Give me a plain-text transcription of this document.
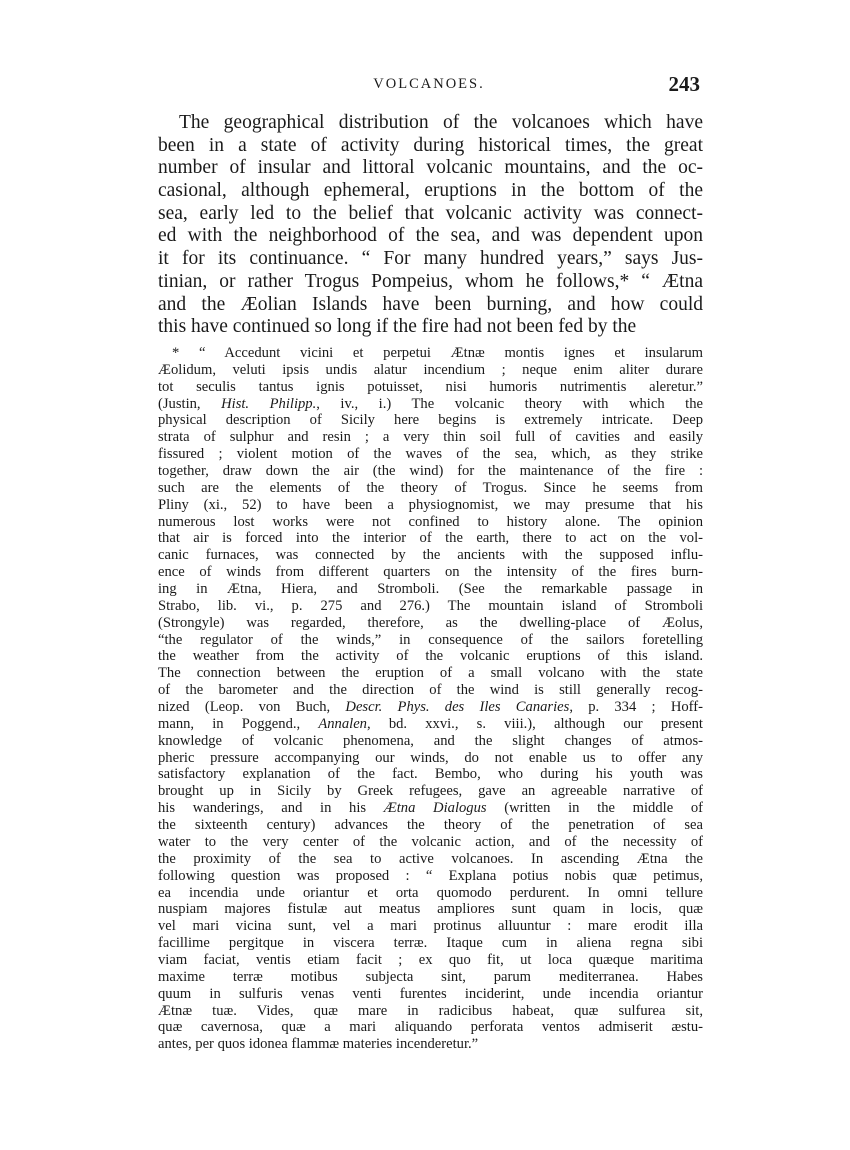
VOLCANOES.	243
The geographical distribution of the volcanoes which have
been in a state of activity during historical times, the great
number of insular and littoral volcanic mountains, and the oc-
casional, although ephemeral, eruptions in the bottom of the
sea, early led to the belief that volcanic activity was connect-
ed with the neighborhood of the sea, and was dependent upon
it for its continuance. “ For many hundred years,” says Jus-
tinian, or rather Trogus Pompeius, whom he follows,* “ Ætna
and the Æolian Islands have been burning, and how could
this have continued so long if the fire had not been fed by the
* “ Accedunt vicini et perpetui Ætnæ montis ignes et insularum
Æolidum, veluti ipsis undis alatur incendium ; neque enim aliter durare
tot seculis tantus ignis potuisset, nisi humoris nutrimentis aleretur.”
(Justin, Hist. Philipp., iv., i.) The volcanic theory with which the
physical description of Sicily here begins is extremely intricate. Deep
strata of sulphur and resin ; a very thin soil full of cavities and easily
fissured ; violent motion of the waves of the sea, which, as they strike
together, draw down the air (the wind) for the maintenance of the fire :
such are the elements of the theory of Trogus. Since he seems from
Pliny (xi., 52) to have been a physiognomist, we may presume that his
numerous lost works were not confined to history alone. The opinion
that air is forced into the interior of the earth, there to act on the vol-
canic furnaces, was connected by the ancients with the supposed influ-
ence of winds from different quarters on the intensity of the fires burn-
ing in Ætna, Hiera, and Stromboli. (See the remarkable passage in
Strabo, lib. vi., p. 275 and 276.) The mountain island of Stromboli
(Strongyle) was regarded, therefore, as the dwelling-place of Æolus,
“the regulator of the winds,” in consequence of the sailors foretelling
the weather from the activity of the volcanic eruptions of this island.
The connection between the eruption of a small volcano with the state
of the barometer and the direction of the wind is still generally recog-
nized (Leop. von Buch, Descr. Phys. des Iles Canaries, p. 334 ; Hoff-
mann, in Poggend., Annalen, bd. xxvi., s. viii.), although our present
knowledge of volcanic phenomena, and the slight changes of atmos-
pheric pressure accompanying our winds, do not enable us to offer any
satisfactory explanation of the fact. Bembo, who during his youth was
brought up in Sicily by Greek refugees, gave an agreeable narrative of
his wanderings, and in his Ætna Dialogus (written in the middle of
the sixteenth century) advances the theory of the penetration of sea
water to the very center of the volcanic action, and of the necessity of
the proximity of the sea to active volcanoes. In ascending Ætna the
following question was proposed : “ Explana potius nobis quæ petimus,
ea incendia unde oriantur et orta quomodo perdurent. In omni tellure
nuspiam majores fistulæ aut meatus ampliores sunt quam in locis, quæ
vel mari vicina sunt, vel a mari protinus alluuntur : mare erodit illa
facillime pergitque in viscera terræ. Itaque cum in aliena regna sibi
viam faciat, ventis etiam facit ; ex quo fit, ut loca quæque maritima
maxime terræ motibus subjecta sint, parum mediterranea. Habes
quum in sulfuris venas venti furentes inciderint, unde incendia oriantur
Ætnæ tuæ. Vides, quæ mare in radicibus habeat, quæ sulfurea sit,
quæ cavernosa, quæ a mari aliquando perforata ventos admiserit æstu-
antes, per quos idonea flammæ materies incenderetur.”
